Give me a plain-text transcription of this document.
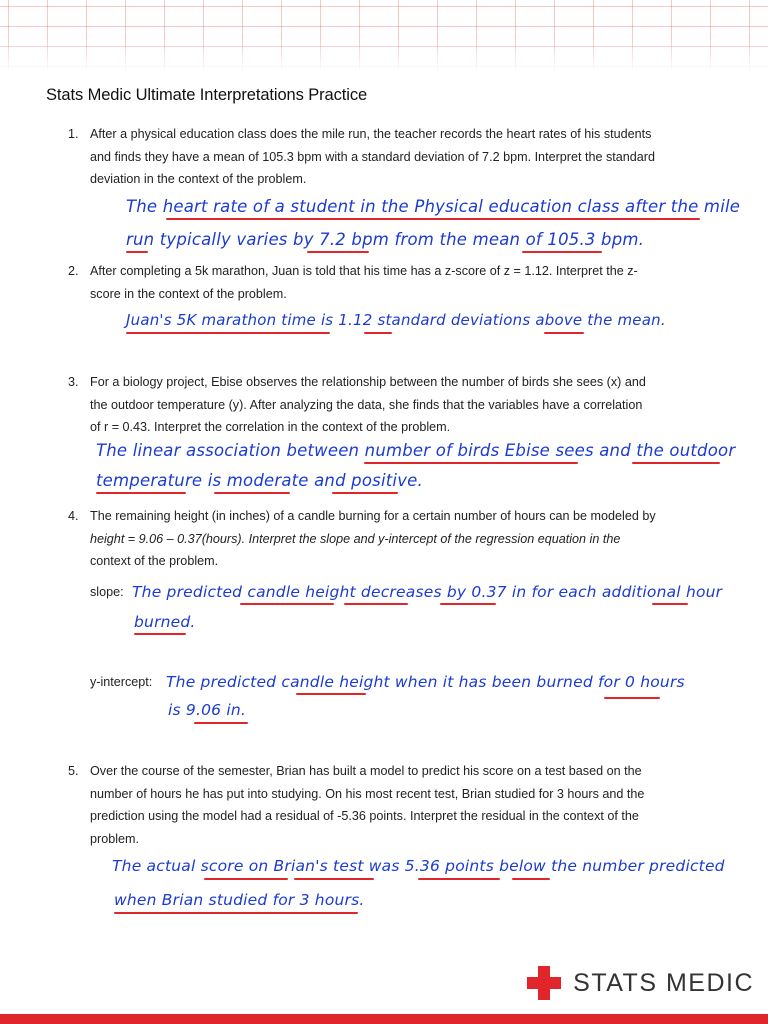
Stats Medic Ultimate Interpretations Practice
1. After a physical education class does the mile run, the teacher records the heart rates of his students
and finds they have a mean of 105.3 bpm with a standard deviation of 7.2 bpm. Interpret the standard
deviation in the context of the problem.
The heart rate of a student in the Physical education class after the mile
run typically varies by 7.2 bpm from the mean of 105.3 bpm.
2. After completing a 5k marathon, Juan is told that his time has a z-score of z = 1.12. Interpret the z-
score in the context of the problem.
Juan's 5K marathon time is 1.12 standard deviations above the mean.
3. For a biology project, Ebise observes the relationship between the number of birds she sees (x) and
the outdoor temperature (y). After analyzing the data, she finds that the variables have a correlation
of r = 0.43. Interpret the correlation in the context of the problem.
The linear association between number of birds Ebise sees and the outdoor
temperature is moderate and positive.
4. The remaining height (in inches) of a candle burning for a certain number of hours can be modeled by
height = 9.06 – 0.37(hours). Interpret the slope and y-intercept of the regression equation in the
context of the problem.
slope: The predicted candle height decreases by 0.37 in for each additional hour
burned.
y-intercept: The predicted candle height when it has been burned for 0 hours
is 9.06 in.
5. Over the course of the semester, Brian has built a model to predict his score on a test based on the
number of hours he has put into studying. On his most recent test, Brian studied for 3 hours and the
prediction using the model had a residual of -5.36 points. Interpret the residual in the context of the
problem.
The actual score on Brian's test was 5.36 points below the number predicted
when Brian studied for 3 hours.
STATS MEDIC
